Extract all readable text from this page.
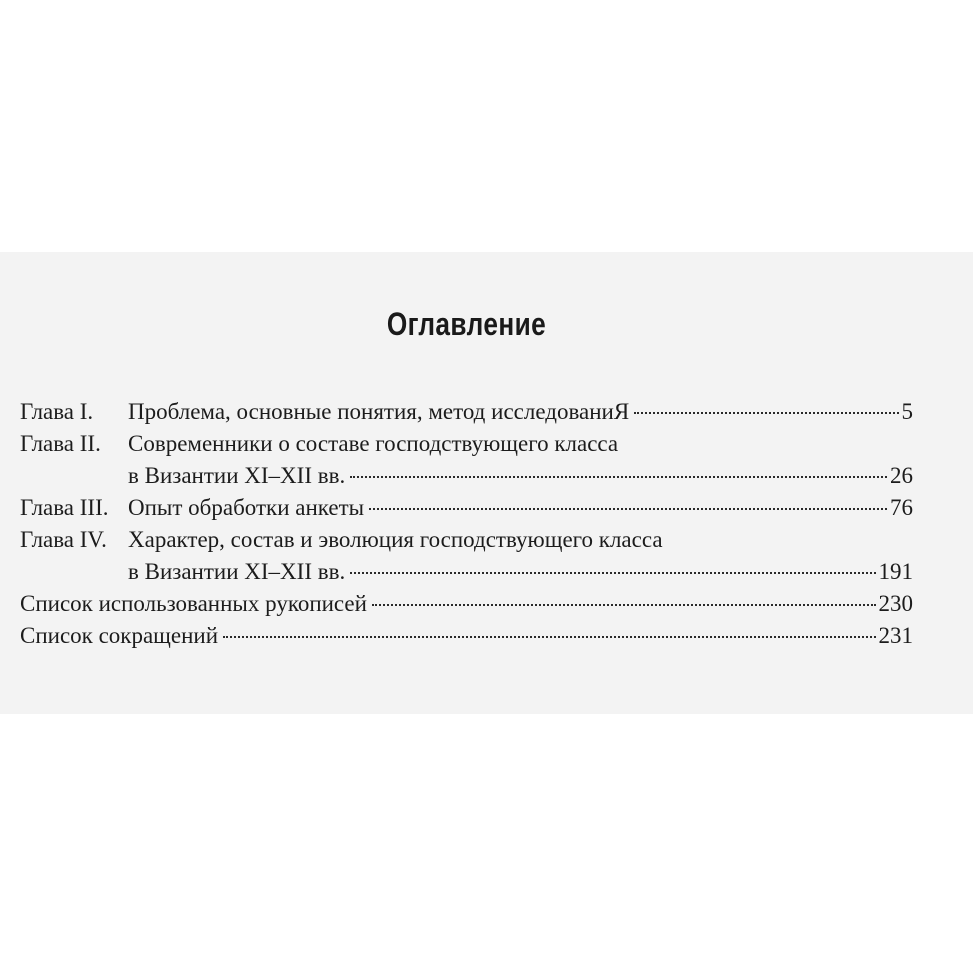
Оглавление
Глава I.	Проблема, основные понятия, метод исследованиЯ	5
Глава II.	Современники о составе господствующего класса
в Византии XI–XII вв.	26
Глава III. Опыт обработки анкеты	76
Глава IV. Характер, состав и эволюция господствующего класса
в Византии XI–XII вв.	191
Список использованных рукописей	230
Список сокращений	231
